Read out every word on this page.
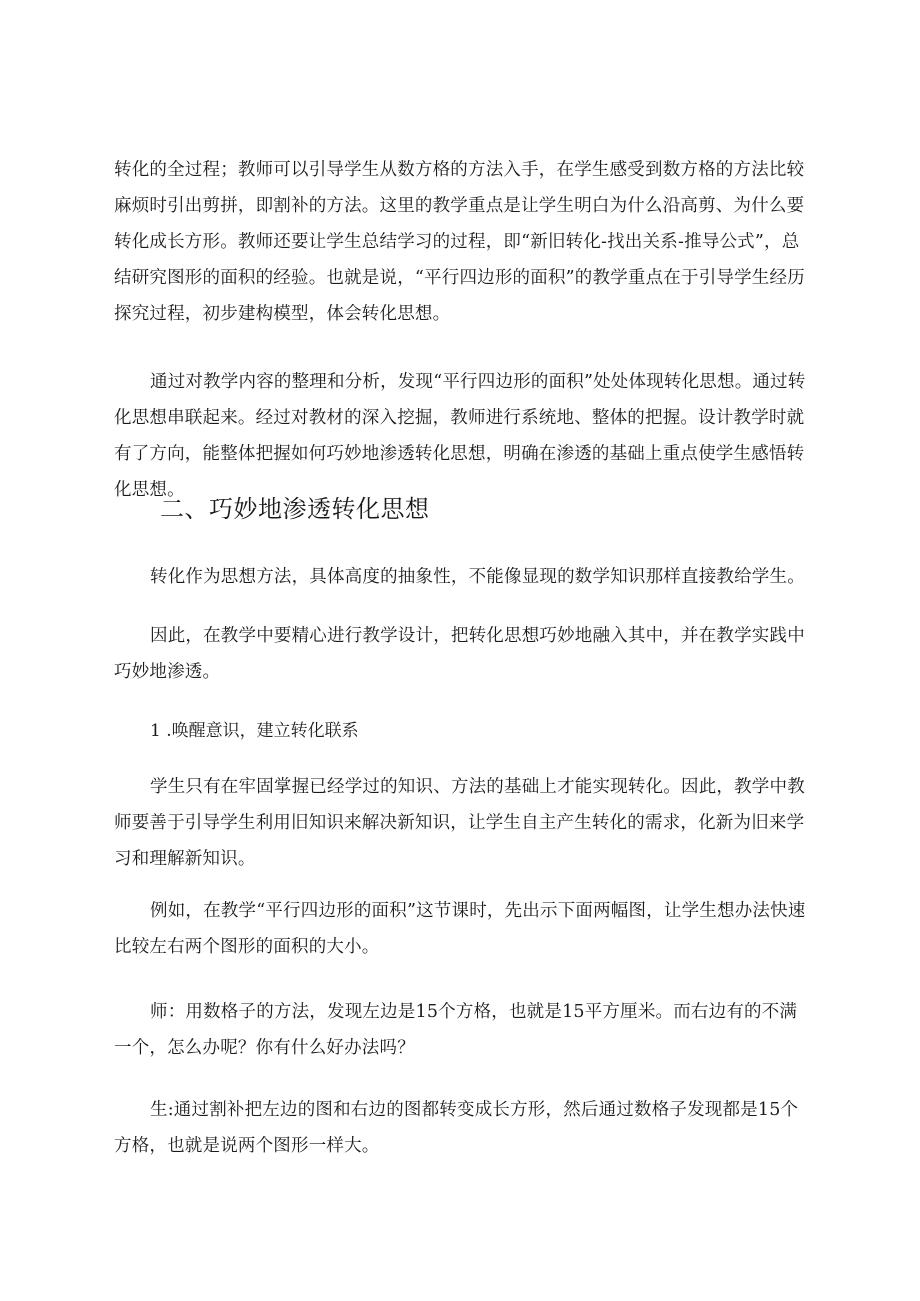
转化的全过程；教师可以引导学生从数方格的方法入手，在学生感受到数方格的方法比较麻烦时引出剪拼，即割补的方法。这里的教学重点是让学生明白为什么沿高剪、为什么要转化成长方形。教师还要让学生总结学习的过程，即“新旧转化-找出关系-推导公式”，总结研究图形的面积的经验。也就是说，“平行四边形的面积”的教学重点在于引导学生经历探究过程，初步建构模型，体会转化思想。

通过对教学内容的整理和分析，发现“平行四边形的面积”处处体现转化思想。通过转化思想串联起来。经过对教材的深入挖掘，教师进行系统地、整体的把握。设计教学时就有了方向，能整体把握如何巧妙地渗透转化思想，明确在渗透的基础上重点使学生感悟转化思想。

二、巧妙地渗透转化思想

转化作为思想方法，具体高度的抽象性，不能像显现的数学知识那样直接教给学生。

因此，在教学中要精心进行教学设计，把转化思想巧妙地融入其中，并在教学实践中巧妙地渗透。

1 .唤醒意识，建立转化联系

学生只有在牢固掌握已经学过的知识、方法的基础上才能实现转化。因此，教学中教师要善于引导学生利用旧知识来解决新知识，让学生自主产生转化的需求，化新为旧来学习和理解新知识。

例如，在教学“平行四边形的面积”这节课时，先出示下面两幅图，让学生想办法快速比较左右两个图形的面积的大小。

师：用数格子的方法，发现左边是15个方格，也就是15平方厘米。而右边有的不满一个，怎么办呢？你有什么好办法吗？

生:通过割补把左边的图和右边的图都转变成长方形，然后通过数格子发现都是15个方格，也就是说两个图形一样大。
